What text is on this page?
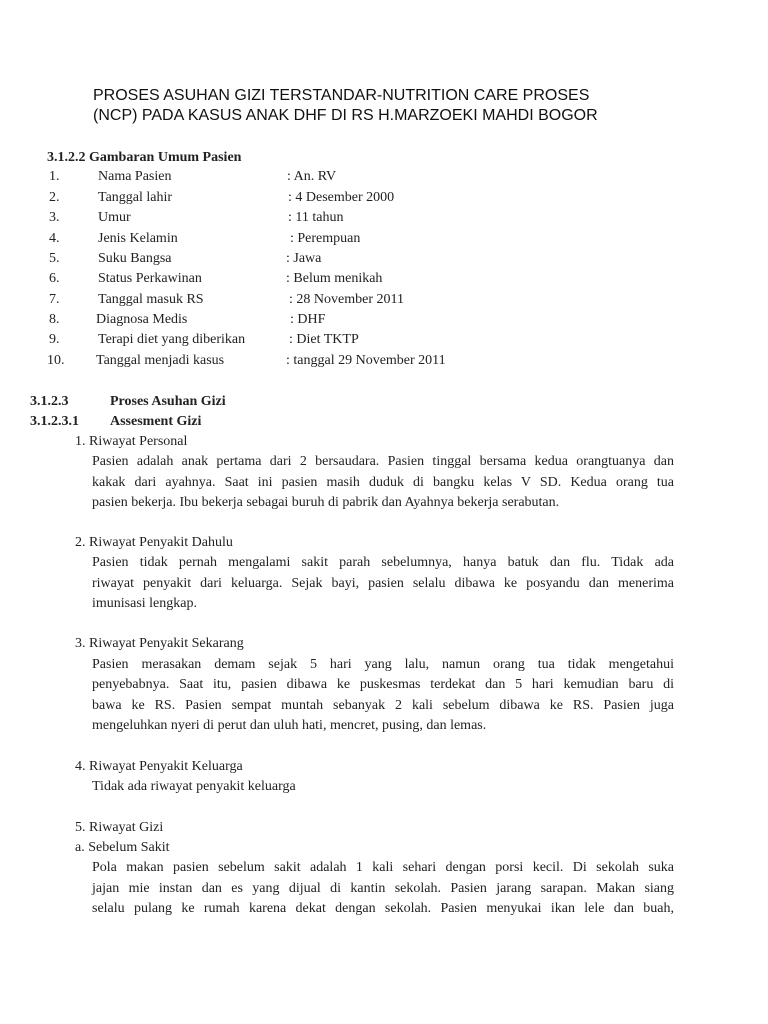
PROSES ASUHAN GIZI TERSTANDAR-NUTRITION CARE PROSES
(NCP) PADA KASUS ANAK DHF DI RS H.MARZOEKI MAHDI BOGOR
3.1.2.2 Gambaran Umum Pasien
1.	Nama Pasien	: An. RV
2.	Tanggal lahir	: 4 Desember 2000
3.	Umur	: 11 tahun
4.	Jenis Kelamin	: Perempuan
5.	Suku Bangsa	: Jawa
6.	Status Perkawinan	: Belum menikah
7.	Tanggal masuk RS	: 28 November 2011
8.	Diagnosa Medis	: DHF
9.	Terapi diet yang diberikan	: Diet TKTP
10. Tanggal menjadi kasus	: tanggal 29 November 2011
3.1.2.3	Proses Asuhan Gizi
3.1.2.3.1 Assesment Gizi
1. Riwayat Personal
Pasien adalah anak pertama dari 2 bersaudara. Pasien tinggal bersama kedua orangtuanya dan
kakak dari ayahnya. Saat ini pasien masih duduk di bangku kelas V SD. Kedua orang tua
pasien bekerja. Ibu bekerja sebagai buruh di pabrik dan Ayahnya bekerja serabutan.
2. Riwayat Penyakit Dahulu
Pasien tidak pernah mengalami sakit parah sebelumnya, hanya batuk dan flu. Tidak ada
riwayat penyakit dari keluarga. Sejak bayi, pasien selalu dibawa ke posyandu dan menerima
imunisasi lengkap.
3. Riwayat Penyakit Sekarang
Pasien merasakan demam sejak 5 hari yang lalu, namun orang tua tidak mengetahui
penyebabnya. Saat itu, pasien dibawa ke puskesmas terdekat dan 5 hari kemudian baru di
bawa ke RS. Pasien sempat muntah sebanyak 2 kali sebelum dibawa ke RS. Pasien juga
mengeluhkan nyeri di perut dan uluh hati, mencret, pusing, dan lemas.
4. Riwayat Penyakit Keluarga
Tidak ada riwayat penyakit keluarga
5. Riwayat Gizi
a. Sebelum Sakit
Pola makan pasien sebelum sakit adalah 1 kali sehari dengan porsi kecil. Di sekolah suka
jajan mie instan dan es yang dijual di kantin sekolah. Pasien jarang sarapan. Makan siang
selalu pulang ke rumah karena dekat dengan sekolah. Pasien menyukai ikan lele dan buah,
